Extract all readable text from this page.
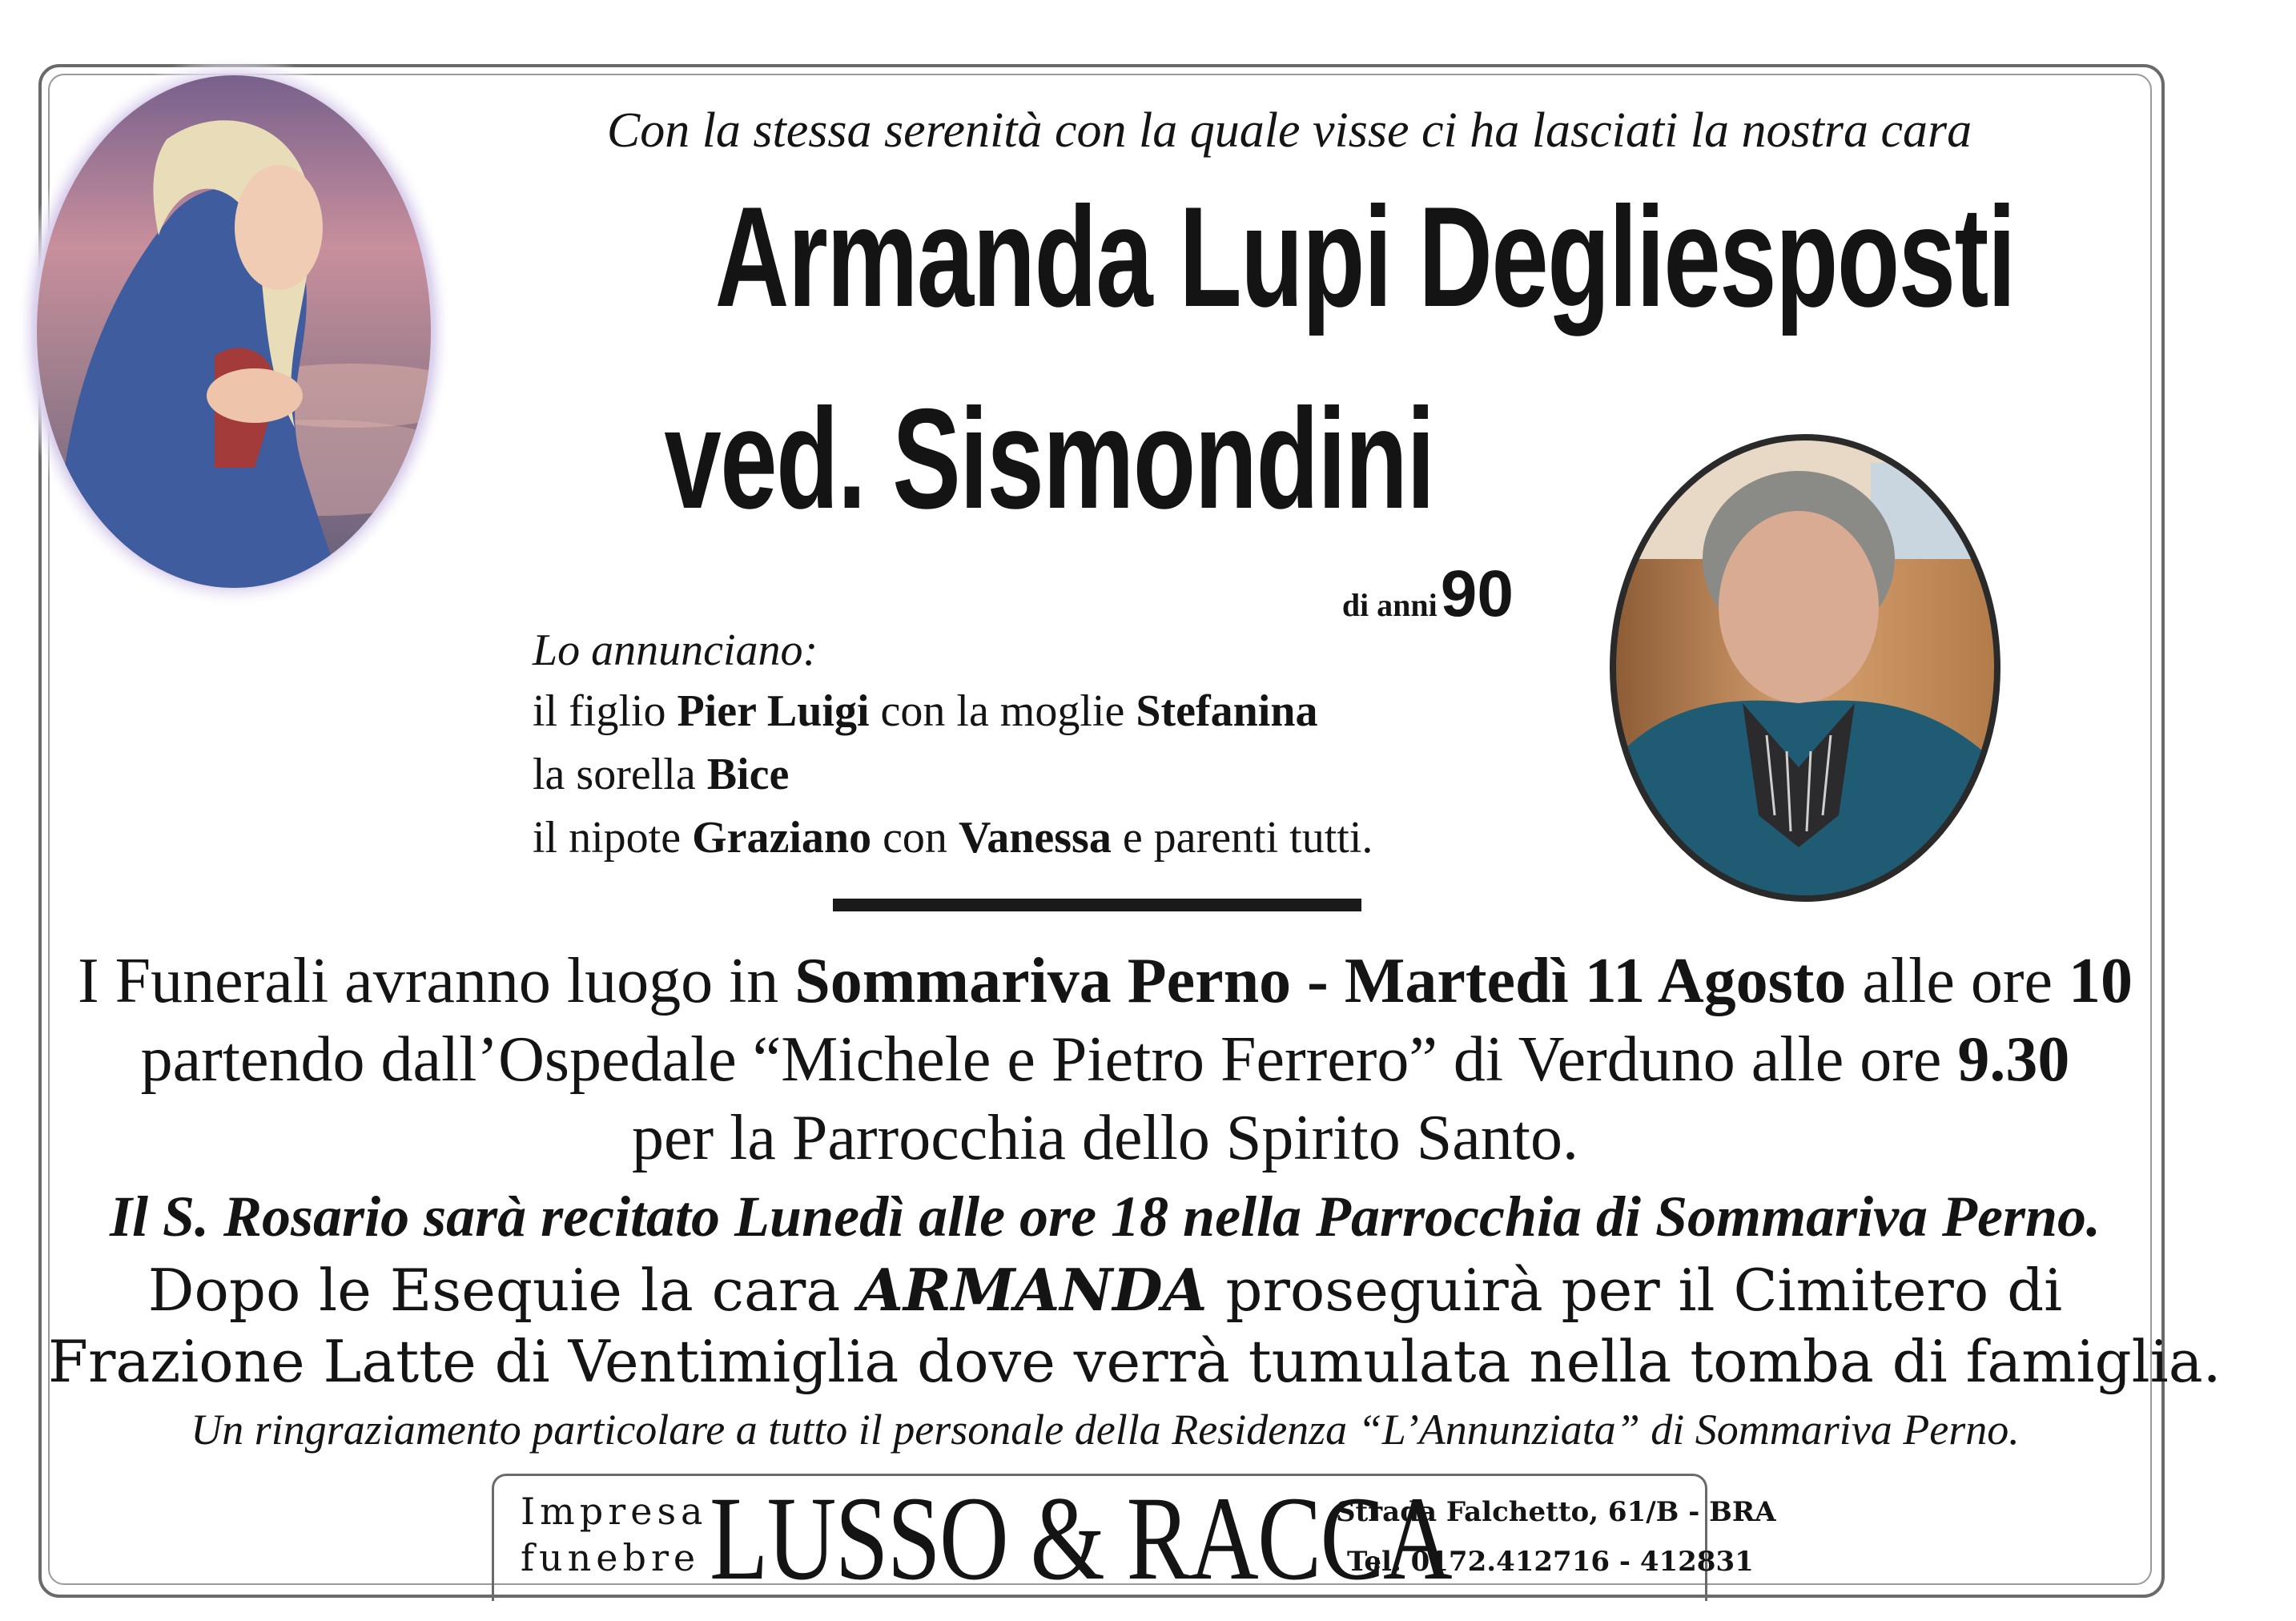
Con la stessa serenità con la quale visse ci ha lasciati la nostra cara
Armanda Lupi Degliesposti
ved. Sismondini
di anni 90
Lo annunciano:
il figlio Pier Luigi con la moglie Stefanina
la sorella Bice
il nipote Graziano con Vanessa e parenti tutti.
I Funerali avranno luogo in Sommariva Perno - Martedì 11 Agosto alle ore 10
partendo dall’Ospedale “Michele e Pietro Ferrero” di Verduno alle ore 9.30
per la Parrocchia dello Spirito Santo.
Il S. Rosario sarà recitato Lunedì alle ore 18 nella Parrocchia di Sommariva Perno.
Dopo le Esequie la cara ARMANDA proseguirà per il Cimitero di
Frazione Latte di Ventimiglia dove verrà tumulata nella tomba di famiglia.
Un ringraziamento particolare a tutto il personale della Residenza “L’Annunziata” di Sommariva Perno.
Impresa
funebre LUSSO & RACCA
Strada Falchetto, 61/B - BRA
Tel. 0172.412716 - 412831
